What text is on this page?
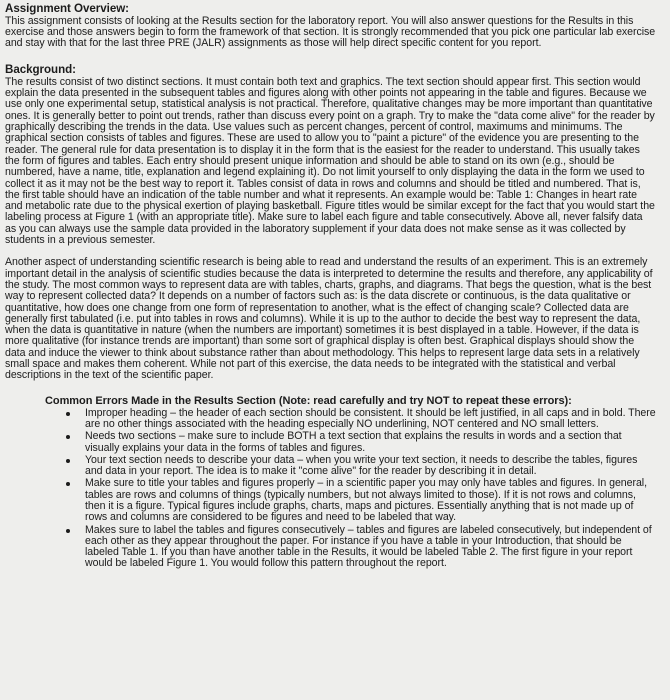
Assignment Overview:

This assignment consists of looking at the Results section for the laboratory report. You will also answer questions for the Results in this exercise and those answers begin to form the framework of that section. It is strongly recommended that you pick one particular lab exercise and stay with that for the last three PRE (JALR) assignments as those will help direct specific content for you report.

Background:

The results consist of two distinct sections. It must contain both text and graphics. The text section should appear first. This section would explain the data presented in the subsequent tables and figures along with other points not appearing in the table and figures. Because we use only one experimental setup, statistical analysis is not practical. Therefore, qualitative changes may be more important than quantitative ones. It is generally better to point out trends, rather than discuss every point on a graph. Try to make the "data come alive" for the reader by graphically describing the trends in the data. Use values such as percent changes, percent of control, maximums and minimums. The graphical section consists of tables and figures. These are used to allow you to "paint a picture" of the evidence you are presenting to the reader. The general rule for data presentation is to display it in the form that is the easiest for the reader to understand. This usually takes the form of figures and tables. Each entry should present unique information and should be able to stand on its own (e.g., should be numbered, have a name, title, explanation and legend explaining it). Do not limit yourself to only displaying the data in the form we used to collect it as it may not be the best way to report it. Tables consist of data in rows and columns and should be titled and numbered. That is, the first table should have an indication of the table number and what it represents. An example would be: Table 1: Changes in heart rate and metabolic rate due to the physical exertion of playing basketball. Figure titles would be similar except for the fact that you would start the labeling process at Figure 1 (with an appropriate title). Make sure to label each figure and table consecutively. Above all, never falsify data as you can always use the sample data provided in the laboratory supplement if your data does not make sense as it was collected by students in a previous semester.

Another aspect of understanding scientific research is being able to read and understand the results of an experiment. This is an extremely important detail in the analysis of scientific studies because the data is interpreted to determine the results and therefore, any applicability of the study. The most common ways to represent data are with tables, charts, graphs, and diagrams. That begs the question, what is the best way to represent collected data? It depends on a number of factors such as: is the data discrete or continuous, is the data qualitative or quantitative, how does one change from one form of representation to another, what is the effect of changing scale? Collected data are generally first tabulated (i.e. put into tables in rows and columns). While it is up to the author to decide the best way to represent the data, when the data is quantitative in nature (when the numbers are important) sometimes it is best displayed in a table. However, if the data is more qualitative (for instance trends are important) than some sort of graphical display is often best. Graphical displays should show the data and induce the viewer to think about substance rather than about methodology. This helps to represent large data sets in a relatively small space and makes them coherent. While not part of this exercise, the data needs to be integrated with the statistical and verbal descriptions in the text of the scientific paper.

Common Errors Made in the Results Section (Note: read carefully and try NOT to repeat these errors):
Improper heading – the header of each section should be consistent. It should be left justified, in all caps and in bold. There are no other things associated with the heading especially NO underlining, NOT centered and NO small letters.
Needs two sections – make sure to include BOTH a text section that explains the results in words and a section that visually explains your data in the forms of tables and figures.
Your text section needs to describe your data – when you write your text section, it needs to describe the tables, figures and data in your report. The idea is to make it "come alive" for the reader by describing it in detail.
Make sure to title your tables and figures properly – in a scientific paper you may only have tables and figures. In general, tables are rows and columns of things (typically numbers, but not always limited to those). If it is not rows and columns, then it is a figure. Typical figures include graphs, charts, maps and pictures. Essentially anything that is not made up of rows and columns are considered to be figures and need to be labeled that way.
Makes sure to label the tables and figures consecutively – tables and figures are labeled consecutively, but independent of each other as they appear throughout the paper. For instance if you have a table in your Introduction, that should be labeled Table 1. If you than have another table in the Results, it would be labeled Table 2. The first figure in your report would be labeled Figure 1. You would follow this pattern throughout the report.
